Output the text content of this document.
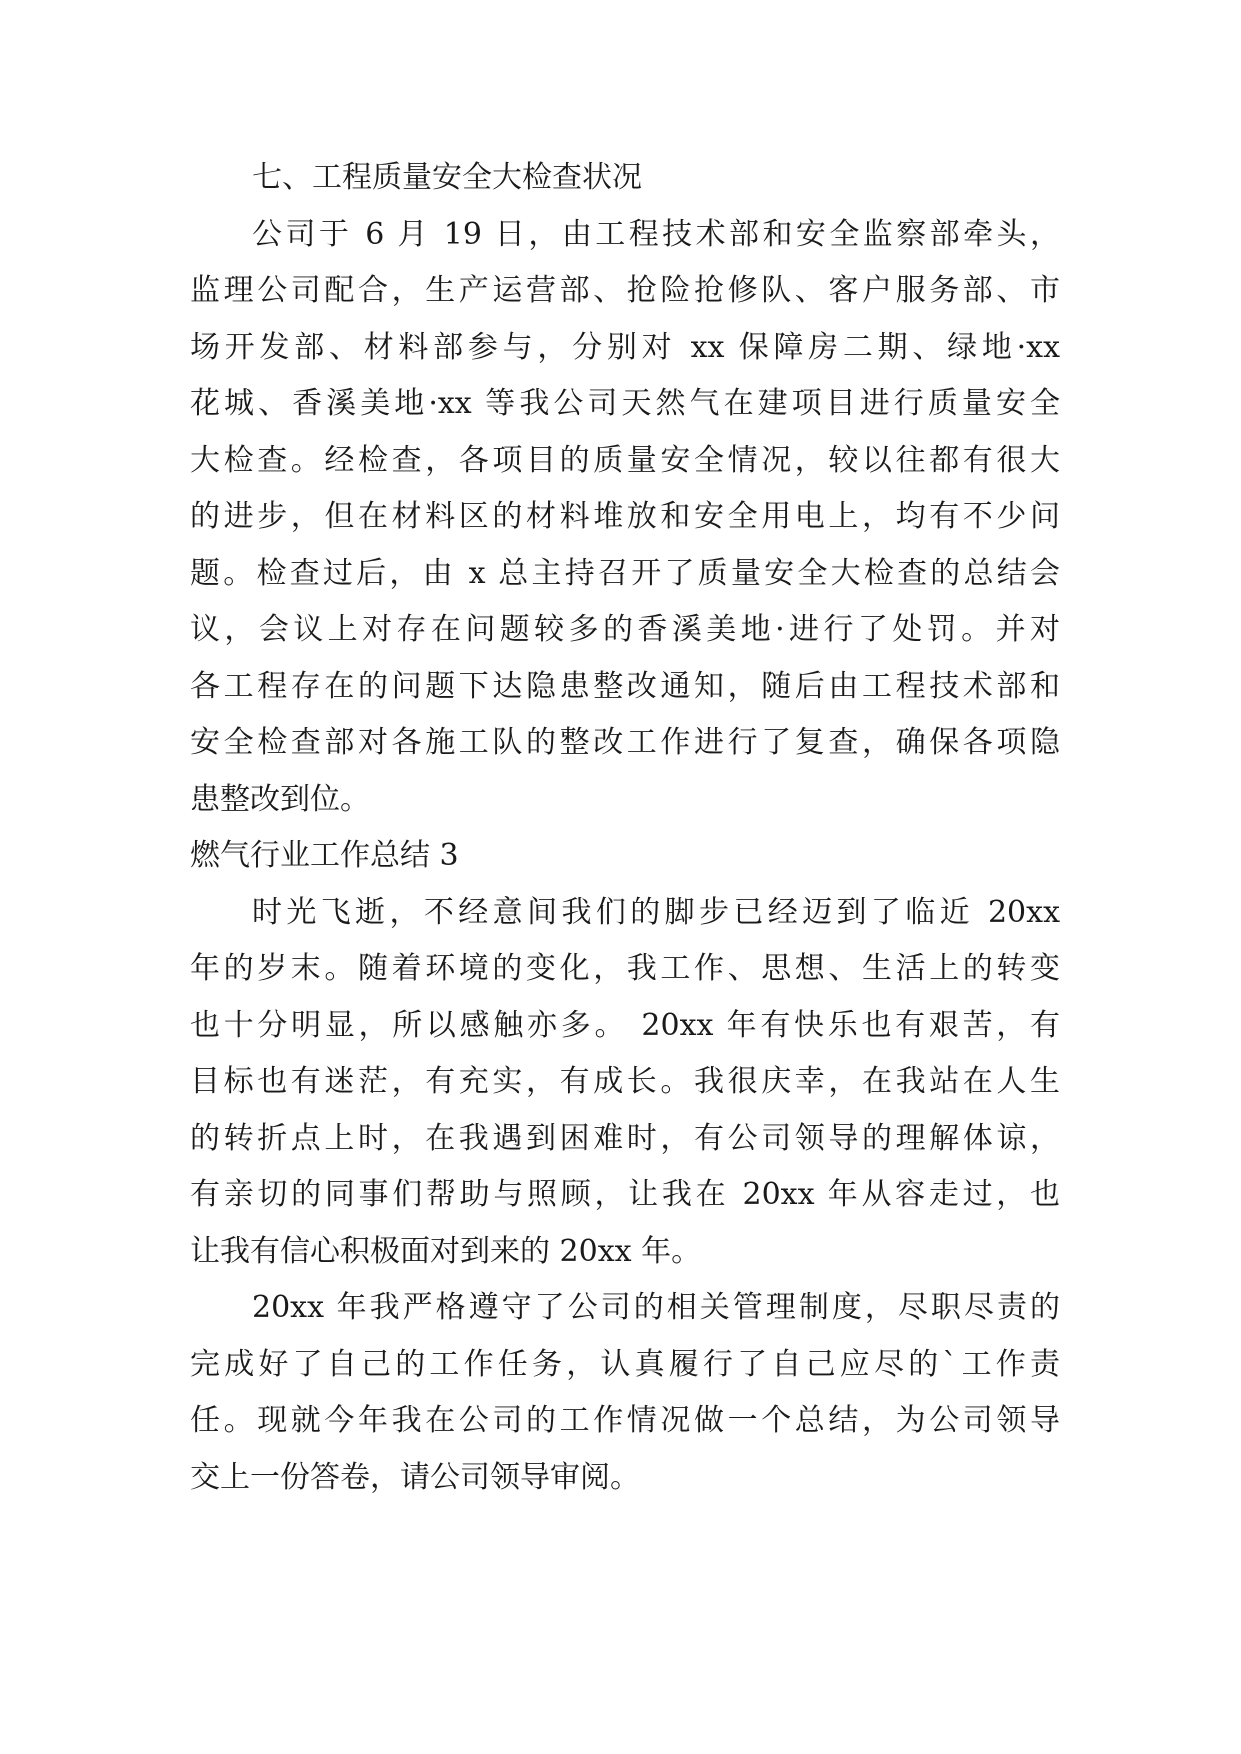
七、工程质量安全大检查状况
公司于 6 月 19 日，由工程技术部和安全监察部牵头，
监理公司配合，生产运营部、抢险抢修队、客户服务部、市
场开发部、材料部参与，分别对 xx 保障房二期、绿地·xx
花城、香溪美地·xx 等我公司天然气在建项目进行质量安全
大检查。经检查，各项目的质量安全情况，较以往都有很大
的进步，但在材料区的材料堆放和安全用电上，均有不少问
题。检查过后，由 x 总主持召开了质量安全大检查的总结会
议，会议上对存在问题较多的香溪美地·进行了处罚。并对
各工程存在的问题下达隐患整改通知，随后由工程技术部和
安全检查部对各施工队的整改工作进行了复查，确保各项隐
患整改到位。
燃气行业工作总结 3
时光飞逝，不经意间我们的脚步已经迈到了临近 20xx
年的岁末。随着环境的变化，我工作、思想、生活上的转变
也十分明显，所以感触亦多。 20xx 年有快乐也有艰苦，有
目标也有迷茫，有充实，有成长。我很庆幸，在我站在人生
的转折点上时，在我遇到困难时，有公司领导的理解体谅，
有亲切的同事们帮助与照顾，让我在 20xx 年从容走过，也
让我有信心积极面对到来的 20xx 年。
20xx 年我严格遵守了公司的相关管理制度，尽职尽责的
完成好了自己的工作任务，认真履行了自己应尽的`工作责
任。现就今年我在公司的工作情况做一个总结，为公司领导
交上一份答卷，请公司领导审阅。
